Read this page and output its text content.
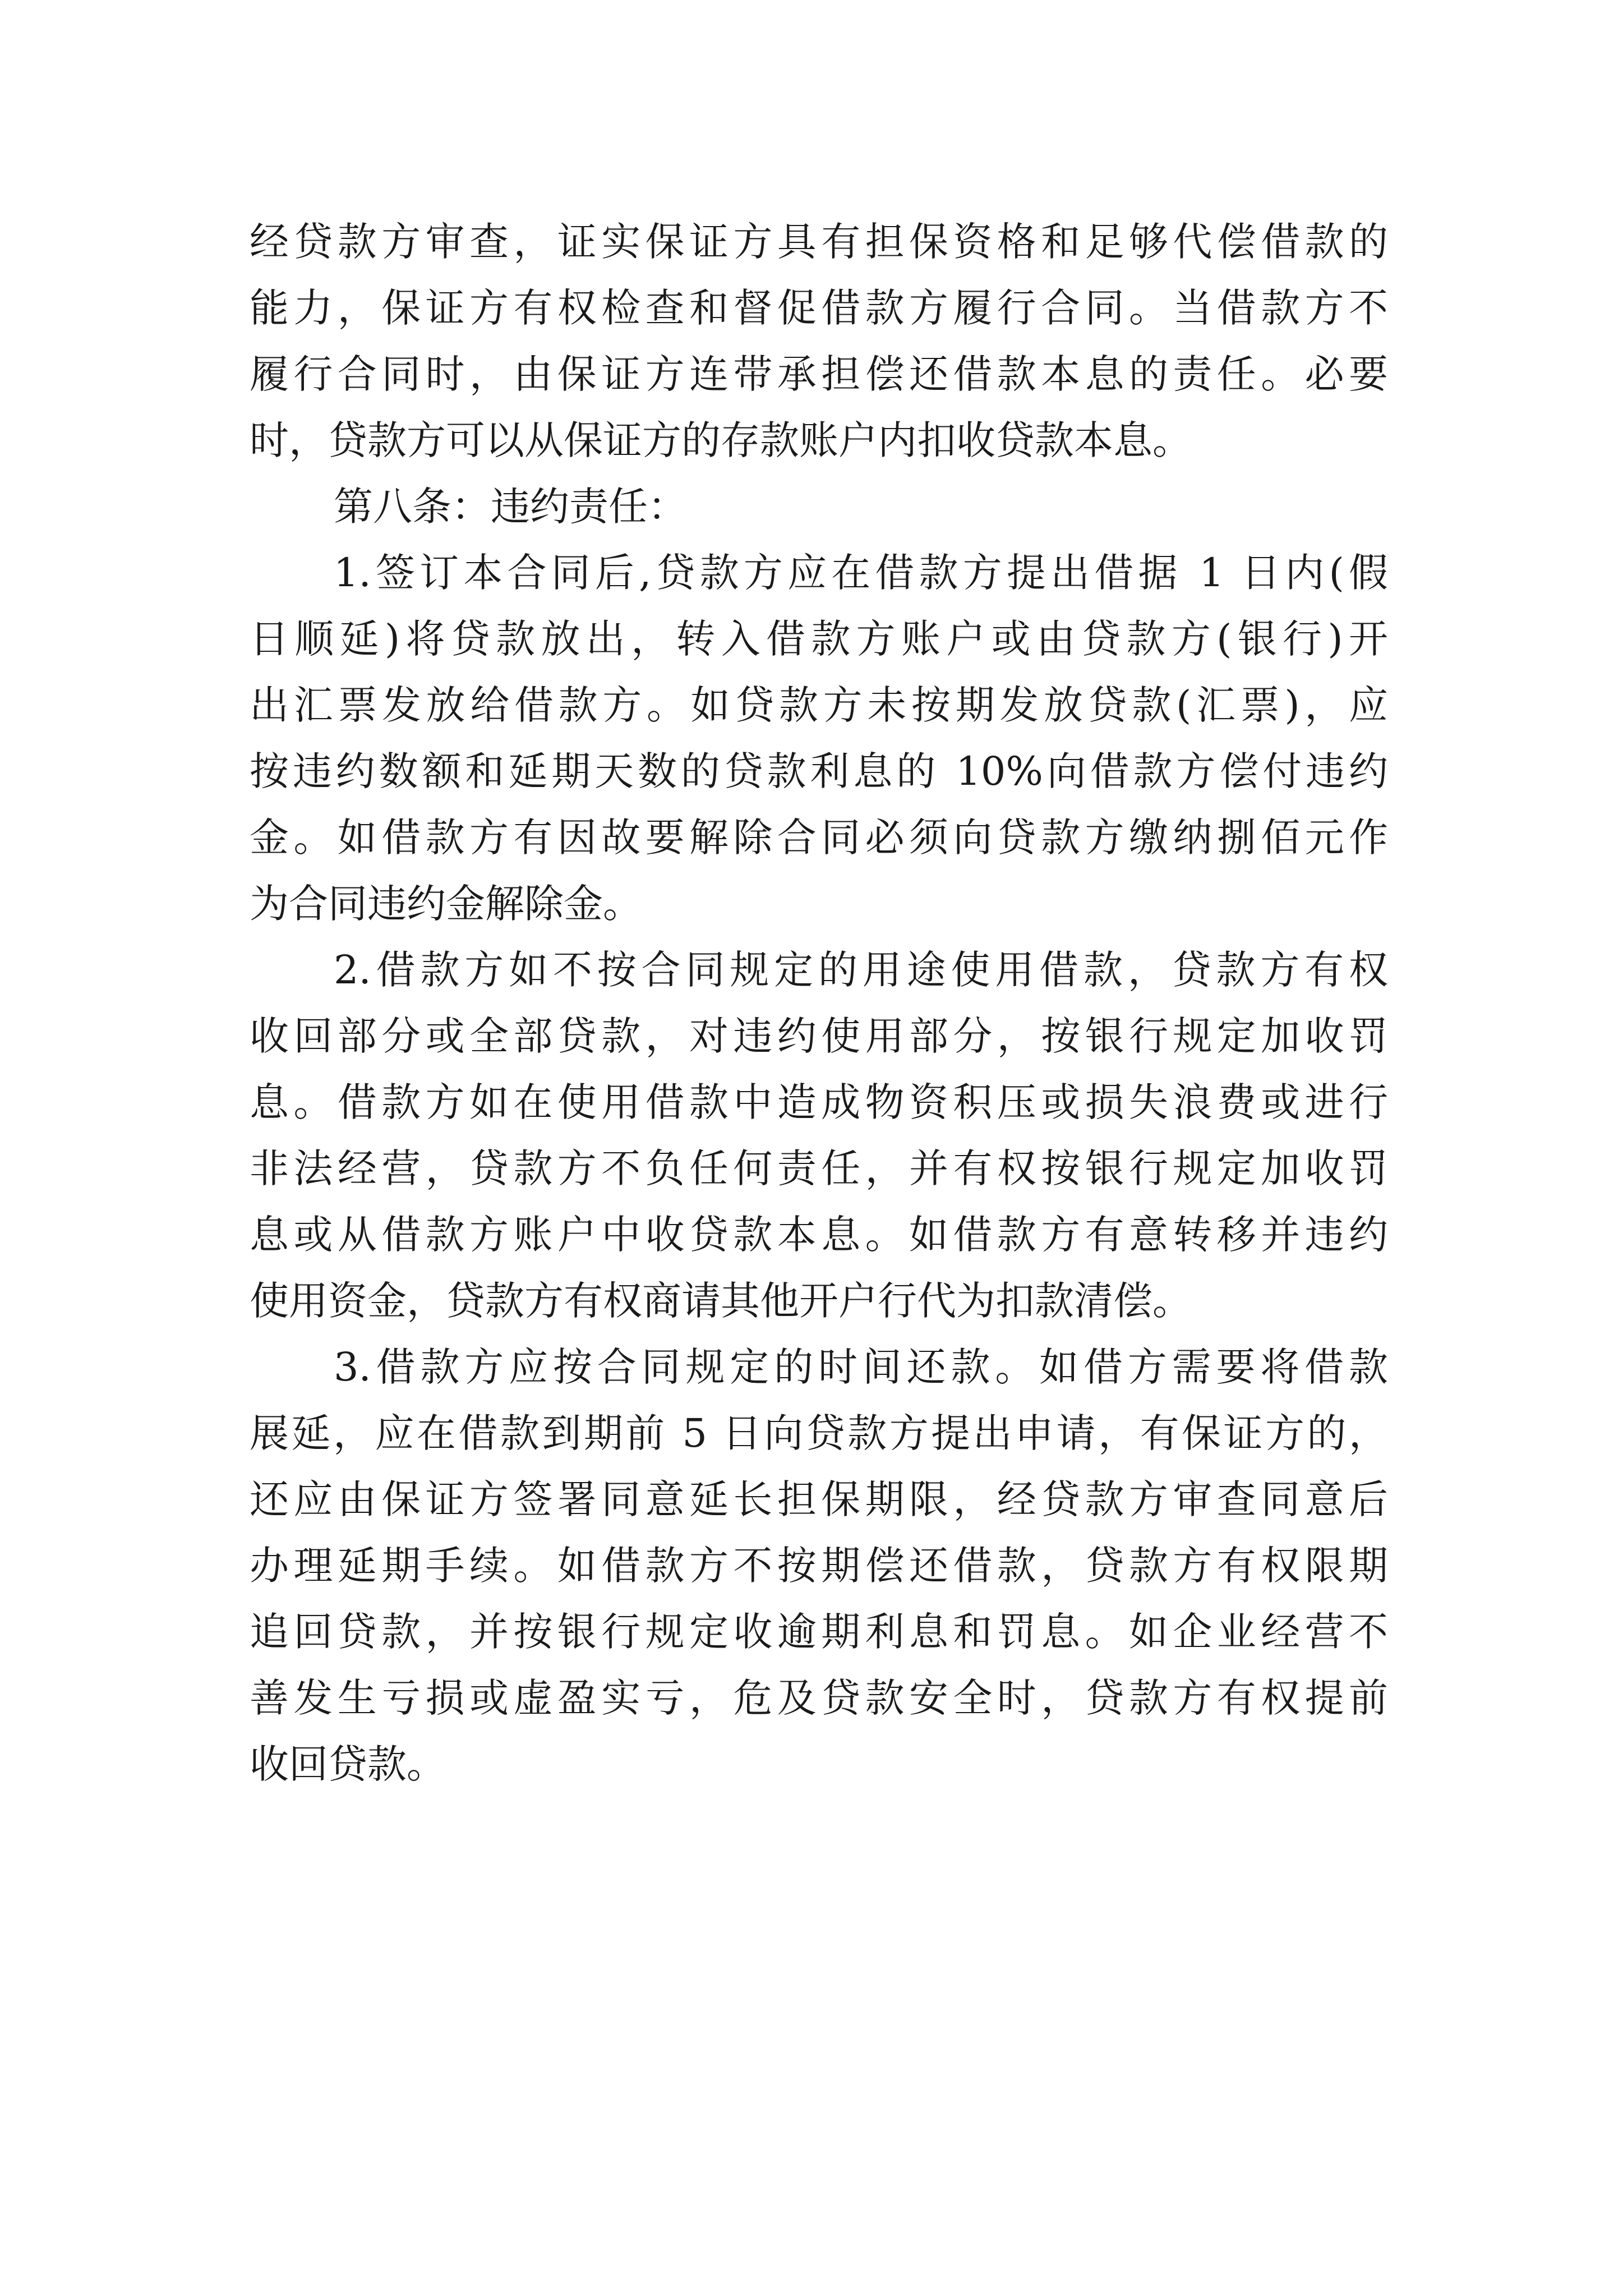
经贷款方审查，证实保证方具有担保资格和足够代偿借款的
能力，保证方有权检查和督促借款方履行合同。当借款方不
履行合同时，由保证方连带承担偿还借款本息的责任。必要
时，贷款方可以从保证方的存款账户内扣收贷款本息。
第八条：违约责任：
1.签订本合同后,贷款方应在借款方提出借据 1 日内(假
日顺延)将贷款放出，转入借款方账户或由贷款方(银行)开
出汇票发放给借款方。如贷款方未按期发放贷款(汇票)，应
按违约数额和延期天数的贷款利息的 10%向借款方偿付违约
金。如借款方有因故要解除合同必须向贷款方缴纳捌佰元作
为合同违约金解除金。
2.借款方如不按合同规定的用途使用借款，贷款方有权
收回部分或全部贷款，对违约使用部分，按银行规定加收罚
息。借款方如在使用借款中造成物资积压或损失浪费或进行
非法经营，贷款方不负任何责任，并有权按银行规定加收罚
息或从借款方账户中收贷款本息。如借款方有意转移并违约
使用资金，贷款方有权商请其他开户行代为扣款清偿。
3.借款方应按合同规定的时间还款。如借方需要将借款
展延，应在借款到期前 5 日向贷款方提出申请，有保证方的，
还应由保证方签署同意延长担保期限，经贷款方审查同意后
办理延期手续。如借款方不按期偿还借款，贷款方有权限期
追回贷款，并按银行规定收逾期利息和罚息。如企业经营不
善发生亏损或虚盈实亏，危及贷款安全时，贷款方有权提前
收回贷款。
